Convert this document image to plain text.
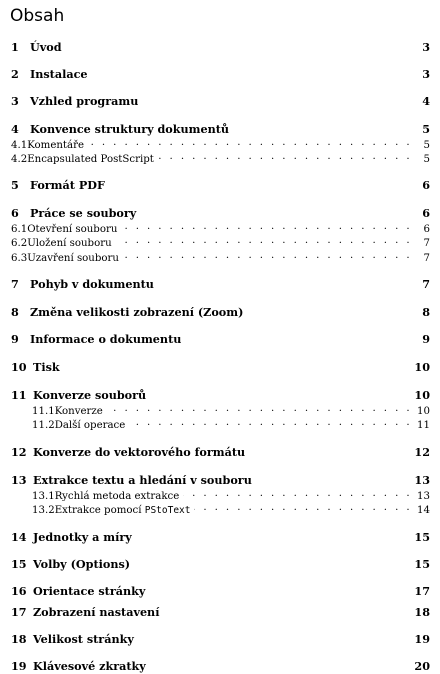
Obsah
1	Úvod	3
2	Instalace	3
3	Vzhled programu	4
4	Konvence struktury dokumentů	5
4.1 Komentáře . . .	5
4.2 Encapsulated PostScript . . .	5
5	Formát PDF	6
6	Práce se soubory	6
6.1 Otevření souboru . . .	6
6.2 Uložení souboru . . .	7
6.3 Uzavření souboru . . .	7
7	Pohyb v dokumentu	7
8	Změna velikosti zobrazení (Zoom)	8
9	Informace o dokumentu	9
10 Tisk	10
11 Konverze souborů	10
11.1 Konverze . . .	10
11.2 Další operace . . .	11
12 Konverze do vektorového formátu	12
13 Extrakce textu a hledání v souboru	13
13.1 Rychlá metoda extrakce . . .	13
13.2 Extrakce pomocí PStoText . . .	14
14 Jednotky a míry	15
15 Volby (Options)	15
16 Orientace stránky	17
17 Zobrazení nastavení	18
18 Velikost stránky	19
19 Klávesové zkratky	20
